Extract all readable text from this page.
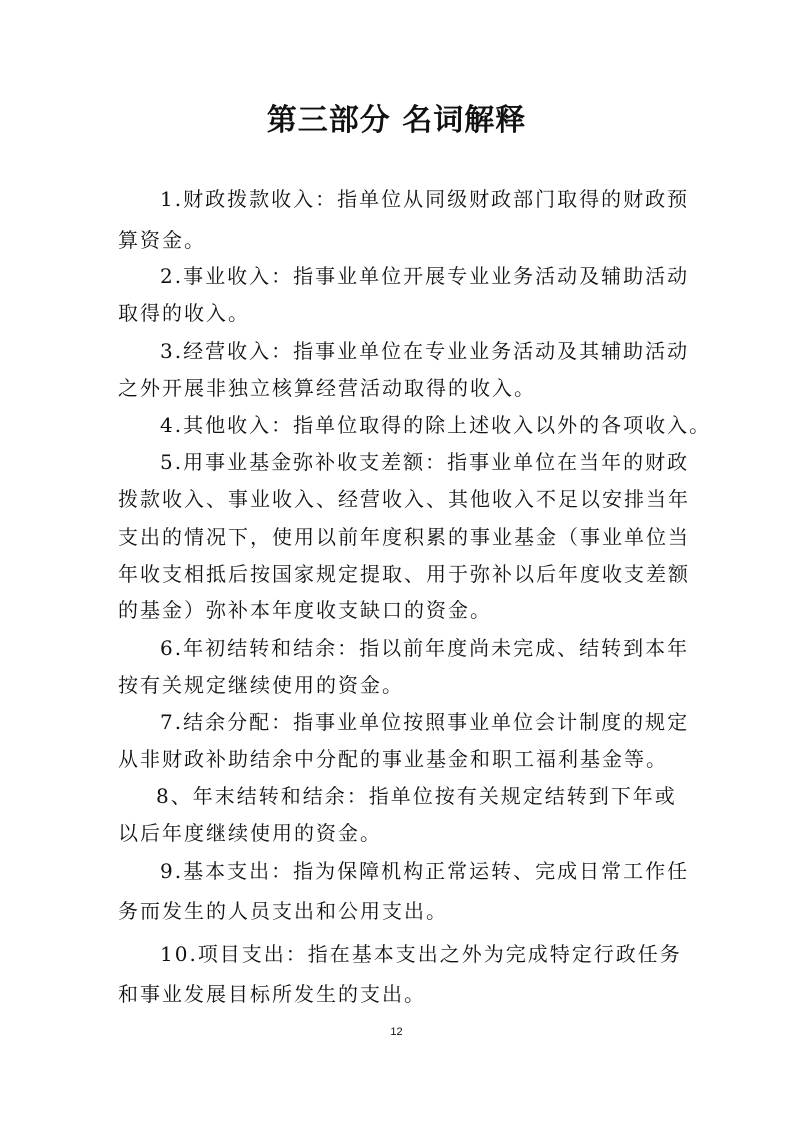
第三部分 名词解释
1.财政拨款收入：指单位从同级财政部门取得的财政预
算资金。
2.事业收入：指事业单位开展专业业务活动及辅助活动
取得的收入。
3.经营收入：指事业单位在专业业务活动及其辅助活动
之外开展非独立核算经营活动取得的收入。
4.其他收入：指单位取得的除上述收入以外的各项收入。
5.用事业基金弥补收支差额：指事业单位在当年的财政
拨款收入、事业收入、经营收入、其他收入不足以安排当年
支出的情况下，使用以前年度积累的事业基金（事业单位当
年收支相抵后按国家规定提取、用于弥补以后年度收支差额
的基金）弥补本年度收支缺口的资金。
6.年初结转和结余：指以前年度尚未完成、结转到本年
按有关规定继续使用的资金。
7.结余分配：指事业单位按照事业单位会计制度的规定
从非财政补助结余中分配的事业基金和职工福利基金等。
8、年末结转和结余：指单位按有关规定结转到下年或
以后年度继续使用的资金。
9.基本支出：指为保障机构正常运转、完成日常工作任
务而发生的人员支出和公用支出。
10.项目支出：指在基本支出之外为完成特定行政任务
和事业发展目标所发生的支出。
12
